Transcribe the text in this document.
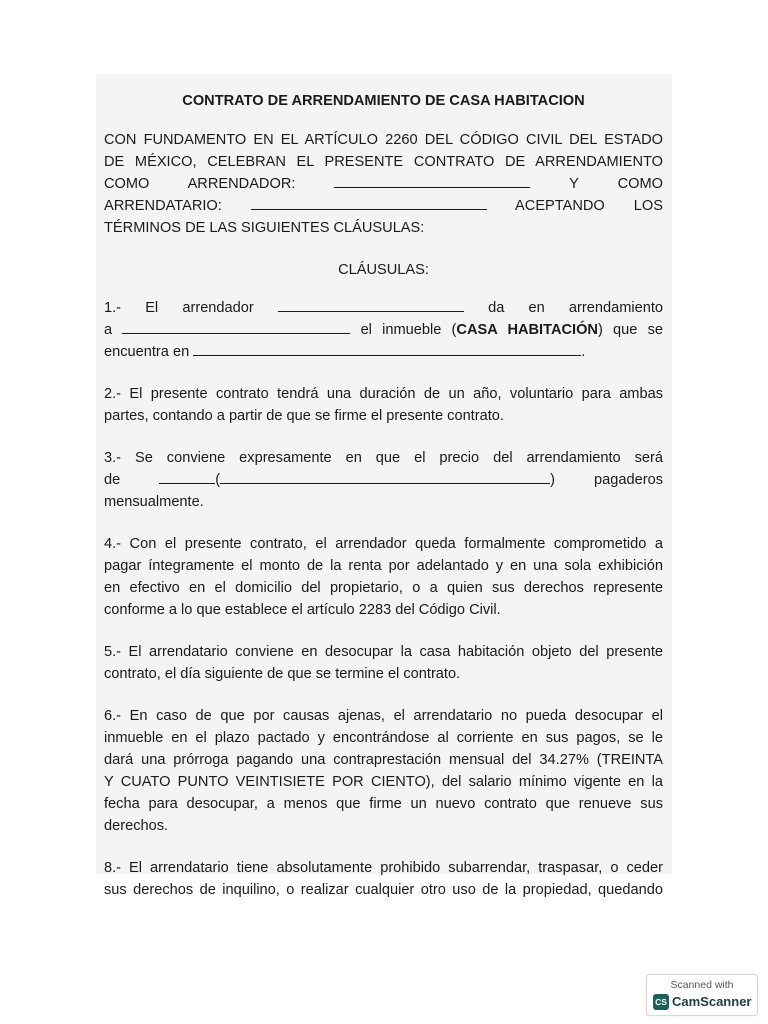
CONTRATO DE ARRENDAMIENTO DE CASA HABITACION

CON FUNDAMENTO EN EL ARTÍCULO 2260 DEL CÓDIGO CIVIL DEL ESTADO

DE MÉXICO, CELEBRAN EL PRESENTE CONTRATO DE ARRENDAMIENTO

COMO	ARRENDADOR:	Y	COMO

ARRENDATARIO:	ACEPTANDO LOS

TÉRMINOS DE LAS SIGUIENTES CLÁUSULAS:

CLÁUSULAS:

1.- El arrendador	da en arrendamiento

a	el inmueble (CASA HABITACIÓN) que se

encuentra en	.

2.- El presente contrato tendrá una duración de un año, voluntario para ambas

partes, contando a partir de que se firme el presente contrato.

3.- Se conviene expresamente en que el precio del arrendamiento será

de	(	)	pagaderos

mensualmente.

4.- Con el presente contrato, el arrendador queda formalmente comprometido a

pagar íntegramente el monto de la renta por adelantado y en una sola exhibición

en efectivo en el domicilio del propietario, o a quien sus derechos represente

conforme a lo que establece el artículo 2283 del Código Civil.

5.- El arrendatario conviene en desocupar la casa habitación objeto del presente

contrato, el día siguiente de que se termine el contrato.

6.- En caso de que por causas ajenas, el arrendatario no pueda desocupar el

inmueble en el plazo pactado y encontrándose al corriente en sus pagos, se le

dará una prórroga pagando una contraprestación mensual del 34.27% (TREINTA

Y CUATO PUNTO VEINTISIETE POR CIENTO), del salario mínimo vigente en la

fecha para desocupar, a menos que firme un nuevo contrato que renueve sus

derechos.

8.- El arrendatario tiene absolutamente prohibido subarrendar, traspasar, o ceder

sus derechos de inquilino, o realizar cualquier otro uso de la propiedad, quedando

Scanned with
CS CamScanner
